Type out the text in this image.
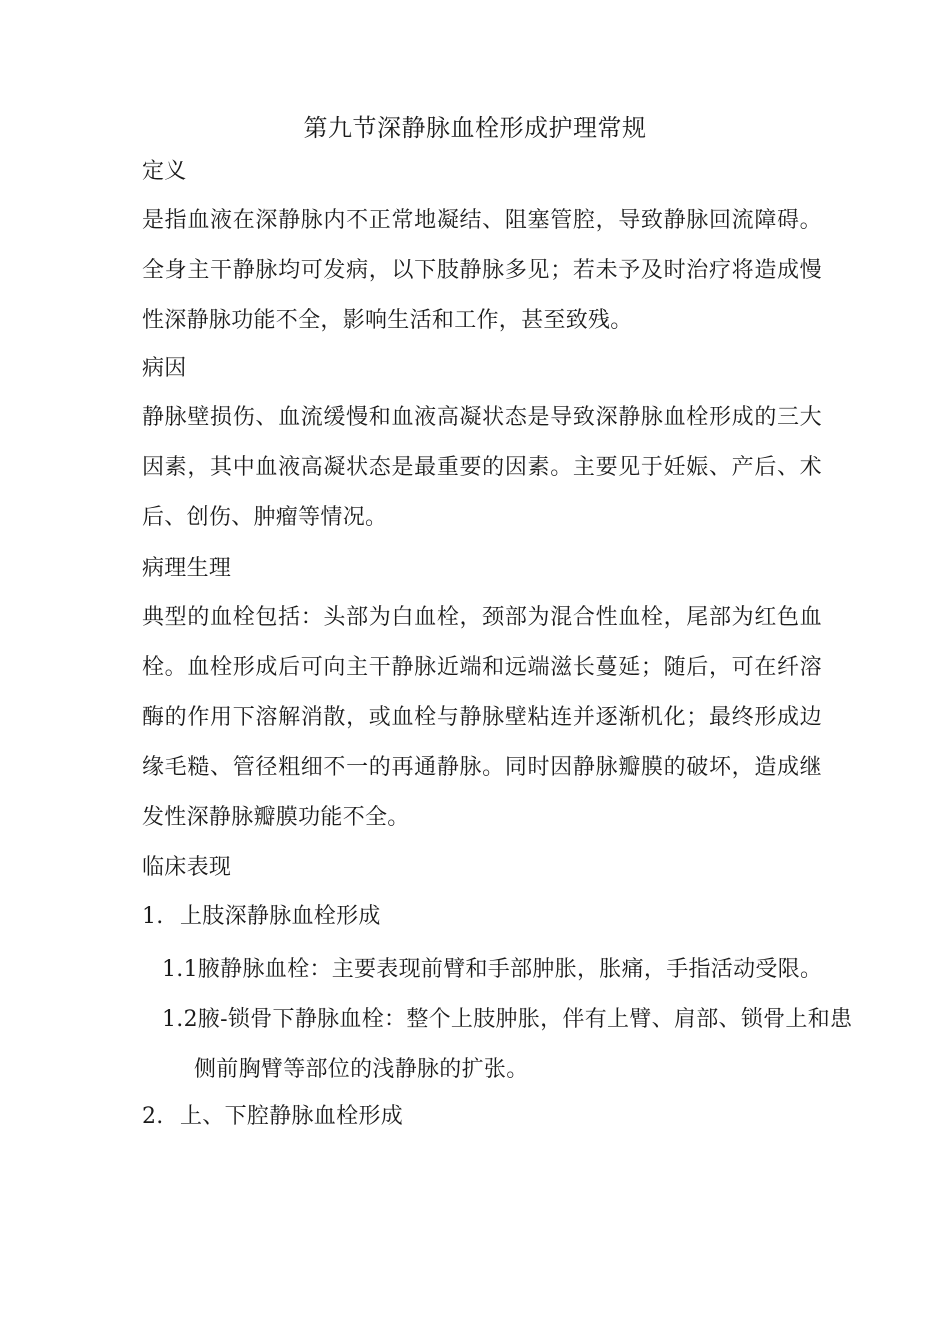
第九节深静脉血栓形成护理常规
定义

是指血液在深静脉内不正常地凝结、阻塞管腔，导致静脉回流障碍。全身主干静脉均可发病，以下肢静脉多见；若未予及时治疗将造成慢性深静脉功能不全，影响生活和工作，甚至致残。

病因

静脉壁损伤、血流缓慢和血液高凝状态是导致深静脉血栓形成的三大因素，其中血液高凝状态是最重要的因素。主要见于妊娠、产后、术后、创伤、肿瘤等情况。

病理生理

典型的血栓包括：头部为白血栓，颈部为混合性血栓，尾部为红色血栓。血栓形成后可向主干静脉近端和远端滋长蔓延；随后，可在纤溶酶的作用下溶解消散，或血栓与静脉壁粘连并逐渐机化；最终形成边缘毛糙、管径粗细不一的再通静脉。同时因静脉瓣膜的破坏，造成继发性深静脉瓣膜功能不全。

临床表现
1. 上肢深静脉血栓形成
1.1腋静脉血栓：主要表现前臂和手部肿胀，胀痛，手指活动受限。
1.2腋-锁骨下静脉血栓：整个上肢肿胀，伴有上臂、肩部、锁骨上和患侧前胸臂等部位的浅静脉的扩张。
2. 上、下腔静脉血栓形成
